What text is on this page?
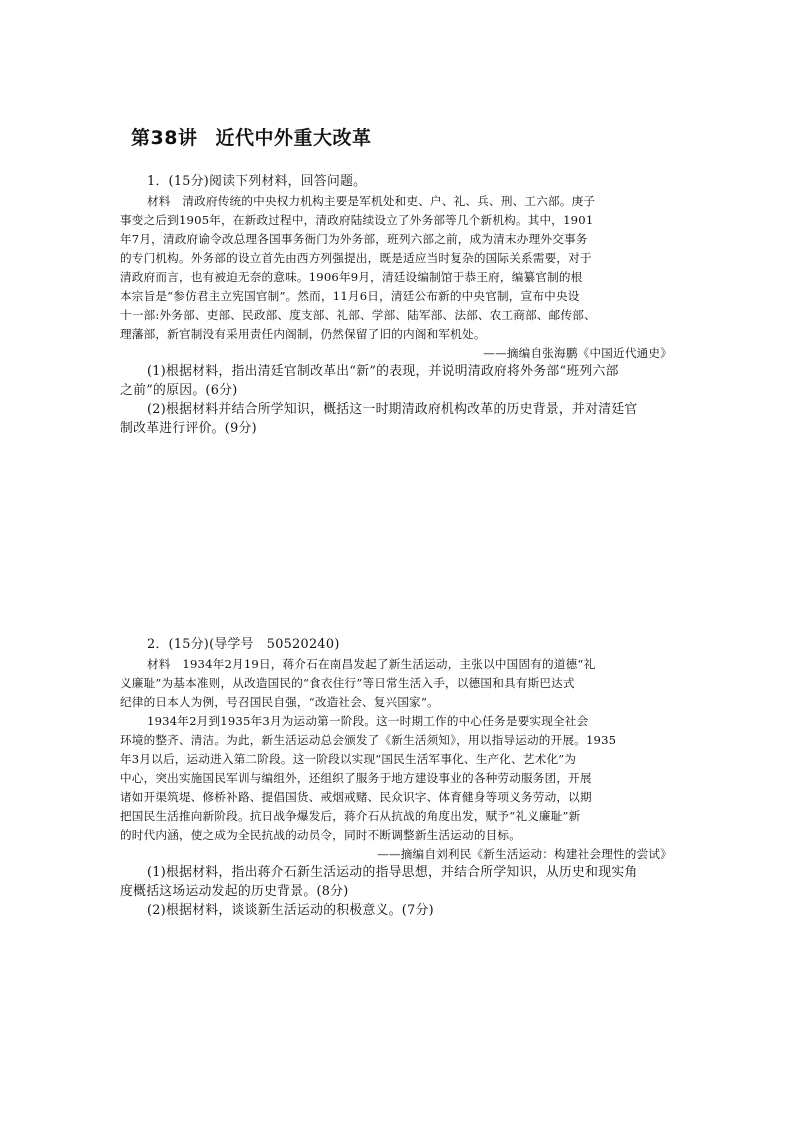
第38讲 近代中外重大改革
1．(15分)阅读下列材料，回答问题。
材料　清政府传统的中央权力机构主要是军机处和吏、户、礼、兵、刑、工六部。庚子
事变之后到1905年，在新政过程中，清政府陆续设立了外务部等几个新机构。其中，1901
年7月，清政府谕令改总理各国事务衙门为外务部，班列六部之前，成为清末办理外交事务
的专门机构。外务部的设立首先由西方列强提出，既是适应当时复杂的国际关系需要，对于
清政府而言，也有被迫无奈的意味。1906年9月，清廷设编制馆于恭王府，编纂官制的根
本宗旨是“参仿君主立宪国官制”。然而，11月6日，清廷公布新的中央官制，宣布中央设
十一部:外务部、吏部、民政部、度支部、礼部、学部、陆军部、法部、农工商部、邮传部、
理藩部，新官制没有采用责任内阁制，仍然保留了旧的内阁和军机处。
——摘编自张海鹏《中国近代通史》
(1)根据材料，指出清廷官制改革出“新”的表现，并说明清政府将外务部“班列六部
之前”的原因。(6分)
(2)根据材料并结合所学知识，概括这一时期清政府机构改革的历史背景，并对清廷官
制改革进行评价。(9分)
2．(15分)(导学号　50520240)
材料　1934年2月19日，蒋介石在南昌发起了新生活运动，主张以中国固有的道德“礼
义廉耻”为基本准则，从改造国民的“食衣住行”等日常生活入手，以德国和具有斯巴达式
纪律的日本人为例，号召国民自强，“改造社会、复兴国家”。
1934年2月到1935年3月为运动第一阶段。这一时期工作的中心任务是要实现全社会
环境的整齐、清洁。为此，新生活运动总会颁发了《新生活须知》，用以指导运动的开展。1935
年3月以后，运动进入第二阶段。这一阶段以实现“国民生活军事化、生产化、艺术化”为
中心，突出实施国民军训与编组外，还组织了服务于地方建设事业的各种劳动服务团，开展
诸如开渠筑堤、修桥补路、提倡国货、戒烟戒赌、民众识字、体育健身等项义务劳动，以期
把国民生活推向新阶段。抗日战争爆发后，蒋介石从抗战的角度出发，赋予“礼义廉耻”新
的时代内涵，使之成为全民抗战的动员令，同时不断调整新生活运动的目标。
——摘编自刘利民《新生活运动：构建社会理性的尝试》
(1)根据材料，指出蒋介石新生活运动的指导思想，并结合所学知识，从历史和现实角
度概括这场运动发起的历史背景。(8分)
(2)根据材料，谈谈新生活运动的积极意义。(7分)
